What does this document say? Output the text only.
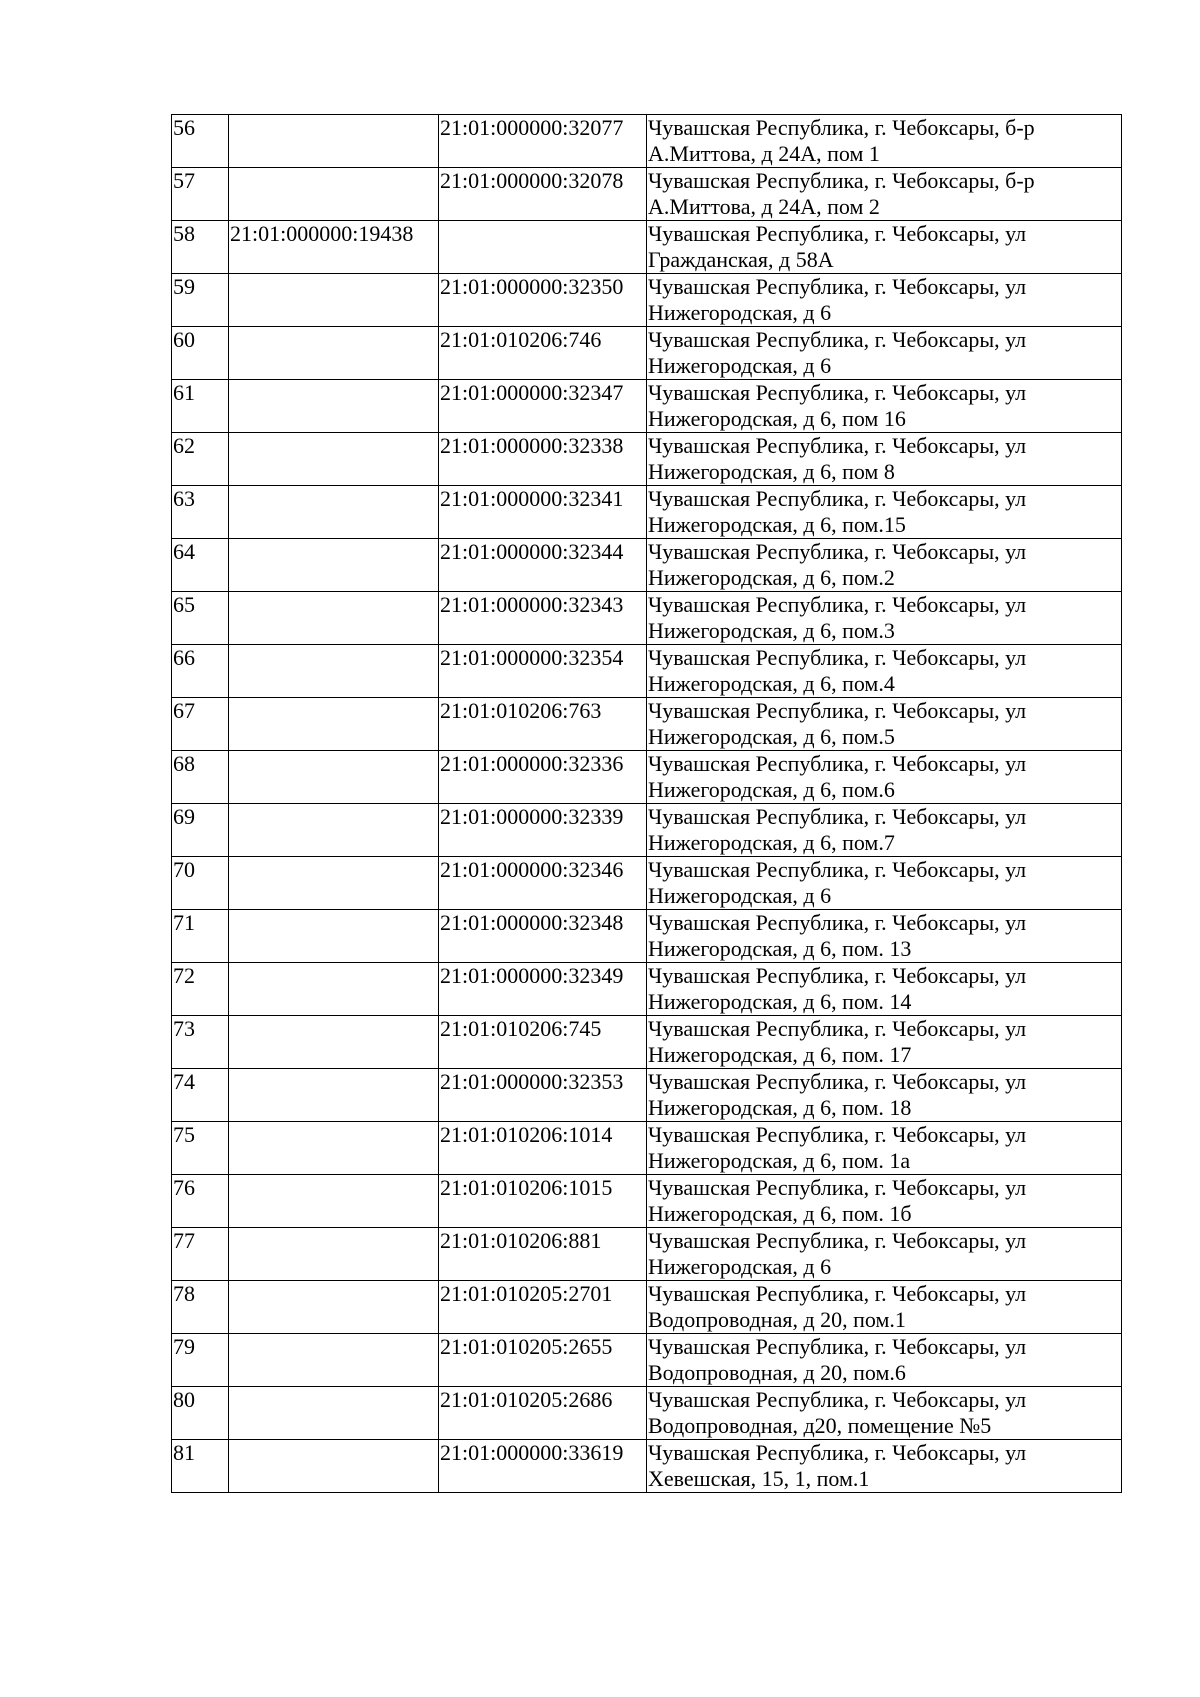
56		21:01:000000:32077	Чувашская Республика, г. Чебоксары, б-р А.Миттова, д 24А, пом 1
57		21:01:000000:32078	Чувашская Республика, г. Чебоксары, б-р А.Миттова, д 24А, пом 2
58	21:01:000000:19438		Чувашская Республика, г. Чебоксары, ул Гражданская, д 58А
59		21:01:000000:32350	Чувашская Республика, г. Чебоксары, ул Нижегородская, д 6
60		21:01:010206:746	Чувашская Республика, г. Чебоксары, ул Нижегородская, д 6
61		21:01:000000:32347	Чувашская Республика, г. Чебоксары, ул Нижегородская, д 6, пом 16
62		21:01:000000:32338	Чувашская Республика, г. Чебоксары, ул Нижегородская, д 6, пом 8
63		21:01:000000:32341	Чувашская Республика, г. Чебоксары, ул Нижегородская, д 6, пом.15
64		21:01:000000:32344	Чувашская Республика, г. Чебоксары, ул Нижегородская, д 6, пом.2
65		21:01:000000:32343	Чувашская Республика, г. Чебоксары, ул Нижегородская, д 6, пом.3
66		21:01:000000:32354	Чувашская Республика, г. Чебоксары, ул Нижегородская, д 6, пом.4
67		21:01:010206:763	Чувашская Республика, г. Чебоксары, ул Нижегородская, д 6, пом.5
68		21:01:000000:32336	Чувашская Республика, г. Чебоксары, ул Нижегородская, д 6, пом.6
69		21:01:000000:32339	Чувашская Республика, г. Чебоксары, ул Нижегородская, д 6, пом.7
70		21:01:000000:32346	Чувашская Республика, г. Чебоксары, ул Нижегородская, д 6
71		21:01:000000:32348	Чувашская Республика, г. Чебоксары, ул Нижегородская, д 6, пом. 13
72		21:01:000000:32349	Чувашская Республика, г. Чебоксары, ул Нижегородская, д 6, пом. 14
73		21:01:010206:745	Чувашская Республика, г. Чебоксары, ул Нижегородская, д 6, пом. 17
74		21:01:000000:32353	Чувашская Республика, г. Чебоксары, ул Нижегородская, д 6, пом. 18
75		21:01:010206:1014	Чувашская Республика, г. Чебоксары, ул Нижегородская, д 6, пом. 1а
76		21:01:010206:1015	Чувашская Республика, г. Чебоксары, ул Нижегородская, д 6, пом. 1б
77		21:01:010206:881	Чувашская Республика, г. Чебоксары, ул Нижегородская, д 6
78		21:01:010205:2701	Чувашская Республика, г. Чебоксары, ул Водопроводная, д 20, пом.1
79		21:01:010205:2655	Чувашская Республика, г. Чебоксары, ул Водопроводная, д 20, пом.6
80		21:01:010205:2686	Чувашская Республика, г. Чебоксары, ул Водопроводная, д20, помещение №5
81		21:01:000000:33619	Чувашская Республика, г. Чебоксары, ул Хевешская, 15, 1, пом.1
